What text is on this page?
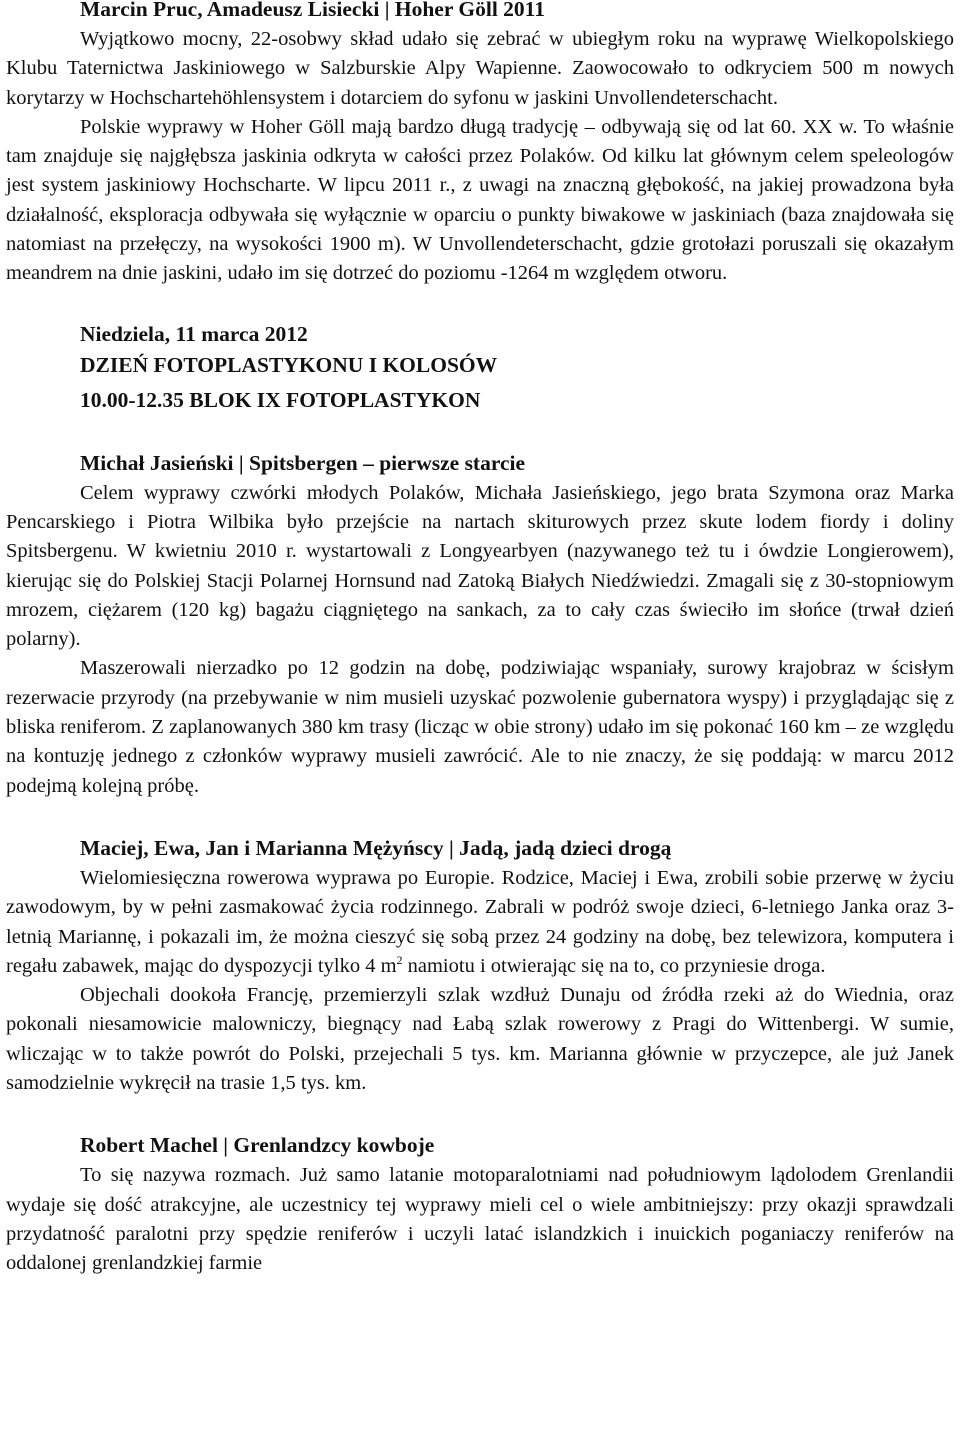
Marcin Pruc, Amadeusz Lisiecki | Hoher Göll 2011

Wyjątkowo mocny, 22-osobwy skład udało się zebrać w ubiegłym roku na wyprawę Wielkopolskiego Klubu Taternictwa Jaskiniowego w Salzburskie Alpy Wapienne. Zaowocowało to odkryciem 500 m nowych korytarzy w Hochschartehöhlensystem i dotarciem do syfonu w jaskini Unvollendeterschacht.

Polskie wyprawy w Hoher Göll mają bardzo długą tradycję – odbywają się od lat 60. XX w. To właśnie tam znajduje się najgłębsza jaskinia odkryta w całości przez Polaków. Od kilku lat głównym celem speleologów jest system jaskiniowy Hochscharte. W lipcu 2011 r., z uwagi na znaczną głębokość, na jakiej prowadzona była działalność, eksploracja odbywała się wyłącznie w oparciu o punkty biwakowe w jaskiniach (baza znajdowała się natomiast na przełęczy, na wysokości 1900 m). W Unvollendeterschacht, gdzie grotołazi poruszali się okazałym meandrem na dnie jaskini, udało im się dotrzeć do poziomu -1264 m względem otworu.

Niedziela, 11 marca 2012
DZIEŃ FOTOPLASTYKONU I KOLOSÓW
10.00-12.35 BLOK IX FOTOPLASTYKON
Michał Jasieński | Spitsbergen – pierwsze starcie

Celem wyprawy czwórki młodych Polaków, Michała Jasieńskiego, jego brata Szymona oraz Marka Pencarskiego i Piotra Wilbika było przejście na nartach skiturowych przez skute lodem fiordy i doliny Spitsbergenu. W kwietniu 2010 r. wystartowali z Longyearbyen (nazywanego też tu i ówdzie Longierowem), kierując się do Polskiej Stacji Polarnej Hornsund nad Zatoką Białych Niedźwiedzi. Zmagali się z 30-stopniowym mrozem, ciężarem (120 kg) bagażu ciągniętego na sankach, za to cały czas świeciło im słońce (trwał dzień polarny).

Maszerowali nierzadko po 12 godzin na dobę, podziwiając wspaniały, surowy krajobraz w ścisłym rezerwacie przyrody (na przebywanie w nim musieli uzyskać pozwolenie gubernatora wyspy) i przyglądając się z bliska reniferom. Z zaplanowanych 380 km trasy (licząc w obie strony) udało im się pokonać 160 km – ze względu na kontuzję jednego z członków wyprawy musieli zawrócić. Ale to nie znaczy, że się poddają: w marcu 2012 podejmą kolejną próbę.

Maciej, Ewa, Jan i Marianna Mężyńscy | Jadą, jadą dzieci drogą

Wielomiesięczna rowerowa wyprawa po Europie. Rodzice, Maciej i Ewa, zrobili sobie przerwę w życiu zawodowym, by w pełni zasmakować życia rodzinnego. Zabrali w podróż swoje dzieci, 6-letniego Janka oraz 3-letnią Mariannę, i pokazali im, że można cieszyć się sobą przez 24 godziny na dobę, bez telewizora, komputera i regału zabawek, mając do dyspozycji tylko 4 $m^2$ namiotu i otwierając się na to, co przyniesie droga.

Objechali dookoła Francję, przemierzyli szlak wzdłuż Dunaju od źródła rzeki aż do Wiednia, oraz pokonali niesamowicie malowniczy, biegnący nad Łabą szlak rowerowy z Pragi do Wittenbergi. W sumie, wliczając w to także powrót do Polski, przejechali 5 tys. km. Marianna głównie w przyczepce, ale już Janek samodzielnie wykręcił na trasie 1,5 tys. km.

Robert Machel | Grenlandzcy kowboje

To się nazywa rozmach. Już samo latanie motoparalotniami nad południowym lądolodem Grenlandii wydaje się dość atrakcyjne, ale uczestnicy tej wyprawy mieli cel o wiele ambitniejszy: przy okazji sprawdzali przydatność paralotni przy spędzie reniferów i uczyli latać islandzkich i inuickich poganiaczy reniferów na oddalonej grenlandzkiej farmie
